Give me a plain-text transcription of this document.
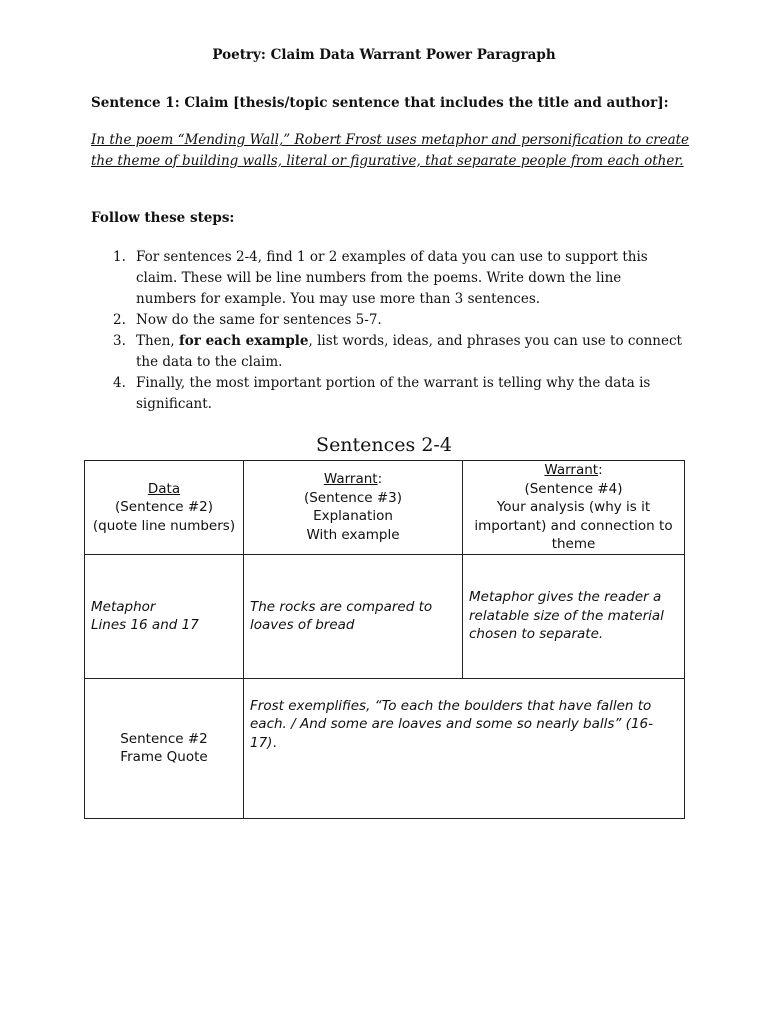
Poetry: Claim Data Warrant Power Paragraph
Sentence 1: Claim [thesis/topic sentence that includes the title and author]:
In the poem “Mending Wall,” Robert Frost uses metaphor and personification to create the theme of building walls, literal or figurative, that separate people from each other.
Follow these steps:
1. For sentences 2-4, find 1 or 2 examples of data you can use to support this claim. These will be line numbers from the poems. Write down the line numbers for example. You may use more than 3 sentences.
2. Now do the same for sentences 5-7.
3. Then, for each example, list words, ideas, and phrases you can use to connect the data to the claim.
4. Finally, the most important portion of the warrant is telling why the data is significant.
Sentences 2-4
Data
(Sentence #2)
(quote line numbers)	Warrant:
(Sentence #3)
Explanation
With example	Warrant:
(Sentence #4)
Your analysis (why is it important) and connection to theme

Metaphor
Lines 16 and 17	The rocks are compared to loaves of bread	Metaphor gives the reader a relatable size of the material chosen to separate.

Sentence #2
Frame Quote	Frost exemplifies, “To each the boulders that have fallen to each. / And some are loaves and some so nearly balls” (16-17).	
